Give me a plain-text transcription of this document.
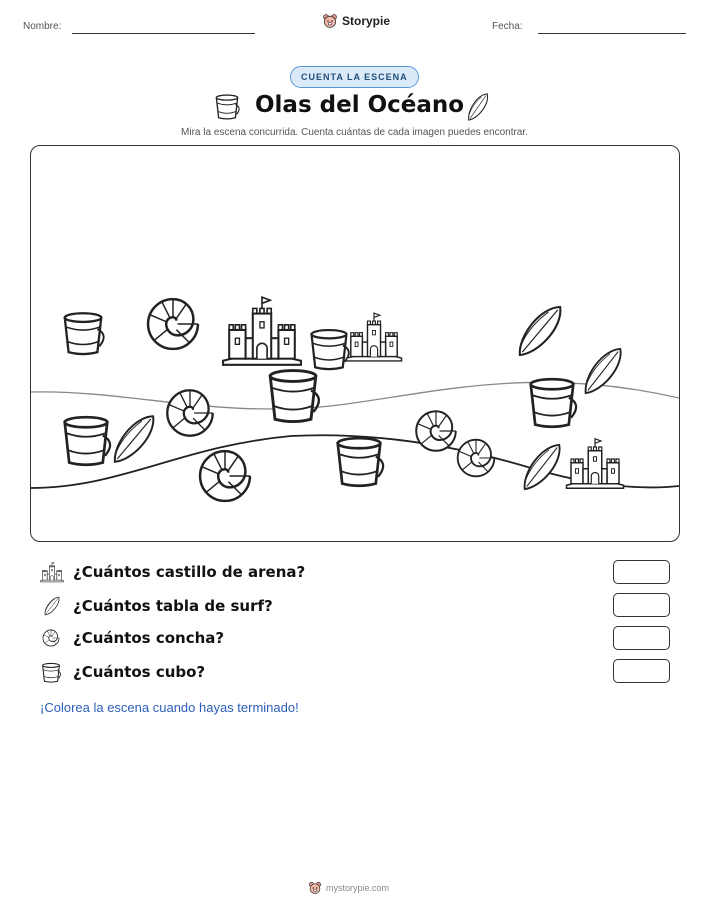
Nombre:	Storypie	Fecha:
CUENTA LA ESCENA
Olas del Océano
Mira la escena concurrida. Cuenta cuántas de cada imagen puedes encontrar.
¿Cuántos castillo de arena?
¿Cuántos tabla de surf?
¿Cuántos concha?
¿Cuántos cubo?
¡Colorea la escena cuando hayas terminado!
mystorypie.com
